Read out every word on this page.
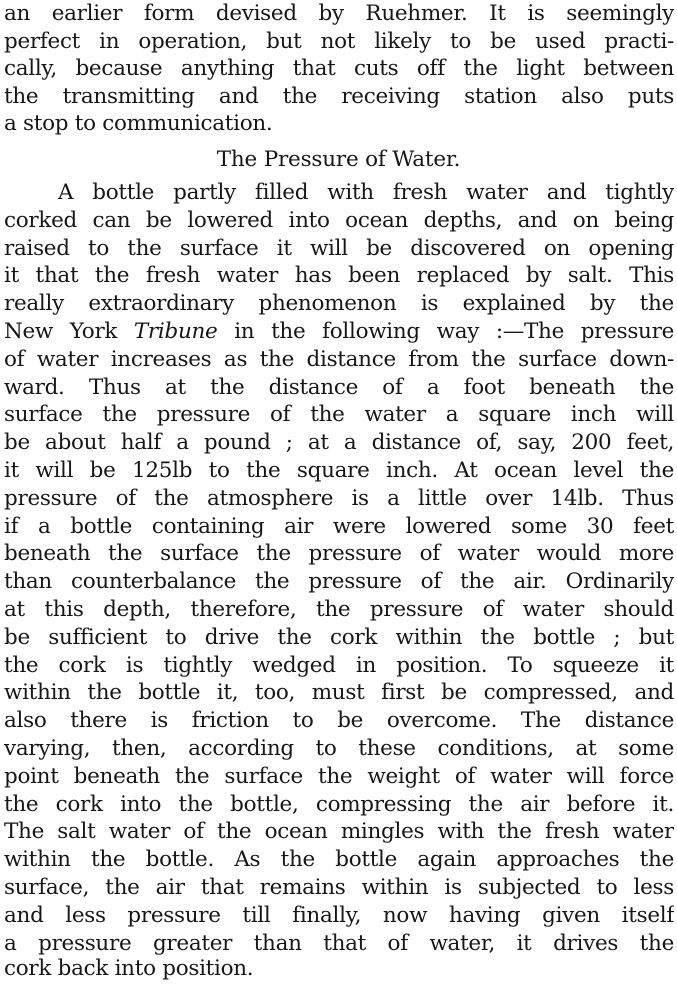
an earlier form devised by Ruehmer. It is seemingly
perfect in operation, but not likely to be used practi-
cally, because anything that cuts off the light between
the transmitting and the receiving station also puts
a stop to communication.
The Pressure of Water.
A bottle partly filled with fresh water and tightly
corked can be lowered into ocean depths, and on being
raised to the surface it will be discovered on opening
it that the fresh water has been replaced by salt. This
really extraordinary phenomenon is explained by the
New York Tribune in the following way :—The pressure
of water increases as the distance from the surface down-
ward. Thus at the distance of a foot beneath the
surface the pressure of the water a square inch will
be about half a pound ; at a distance of, say, 200 feet,
it will be 125lb to the square inch. At ocean level the
pressure of the atmosphere is a little over 14lb. Thus
if a bottle containing air were lowered some 30 feet
beneath the surface the pressure of water would more
than counterbalance the pressure of the air. Ordinarily
at this depth, therefore, the pressure of water should
be sufficient to drive the cork within the bottle ; but
the cork is tightly wedged in position. To squeeze it
within the bottle it, too, must first be compressed, and
also there is friction to be overcome. The distance
varying, then, according to these conditions, at some
point beneath the surface the weight of water will force
the cork into the bottle, compressing the air before it.
The salt water of the ocean mingles with the fresh water
within the bottle. As the bottle again approaches the
surface, the air that remains within is subjected to less
and less pressure till finally, now having given itself
a pressure greater than that of water, it drives the
cork back into position.
